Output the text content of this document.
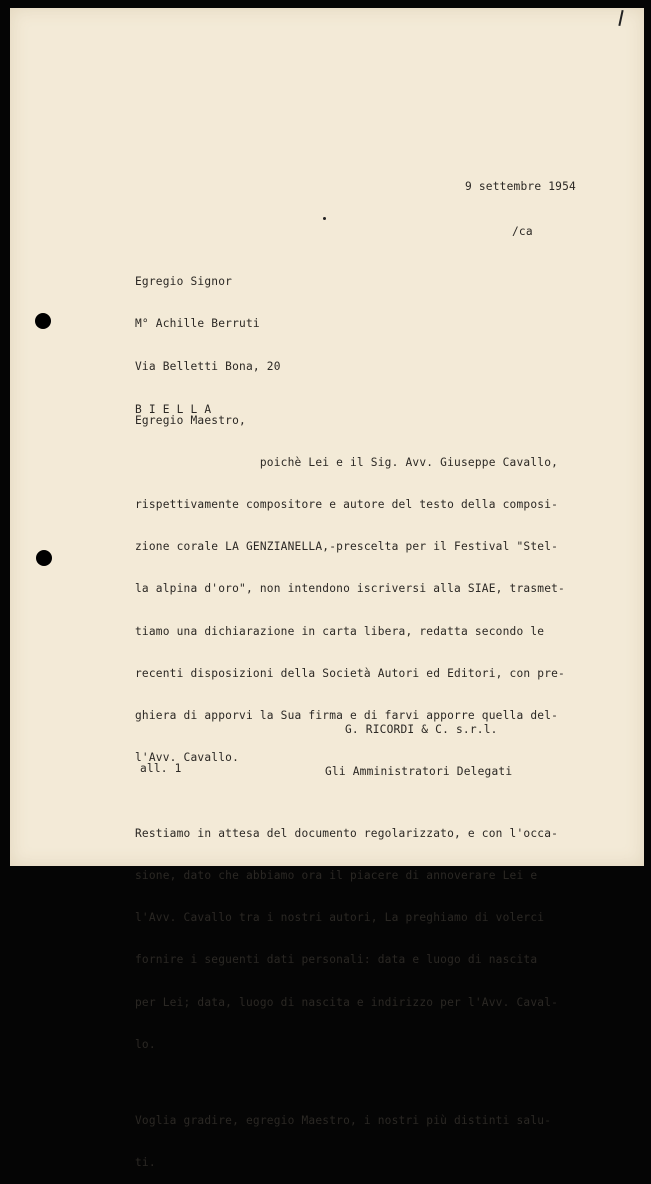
9 settembre 1954
/ca

Egregio Signor

M° Achille Berruti

Via Belletti Bona, 20

B I E L L A

Egregio Maestro,

poichè Lei e il Sig. Avv. Giuseppe Cavallo,

rispettivamente compositore e autore del testo della composi-

zione corale LA GENZIANELLA,-prescelta per il Festival "Stel-

la alpina d'oro", non intendono iscriversi alla SIAE, trasmet-

tiamo una dichiarazione in carta libera, redatta secondo le

recenti disposizioni della Società Autori ed Editori, con pre-

ghiera di apporvi la Sua firma e di farvi apporre quella del-

l'Avv. Cavallo.

Restiamo in attesa del documento regolarizzato, e con l'occa-

sione, dato che abbiamo ora il piacere di annoverare Lei e

l'Avv. Cavallo tra i nostri autori, La preghiamo di volerci

fornire i seguenti dati personali: data e luogo di nascita

per Lei; data, luogo di nascita e indirizzo per l'Avv. Caval-

lo.

Voglia gradire, egregio Maestro, i nostri più distinti salu-

ti.

G. RICORDI & C. s.r.l.

Gli Amministratori Delegati

all. 1
